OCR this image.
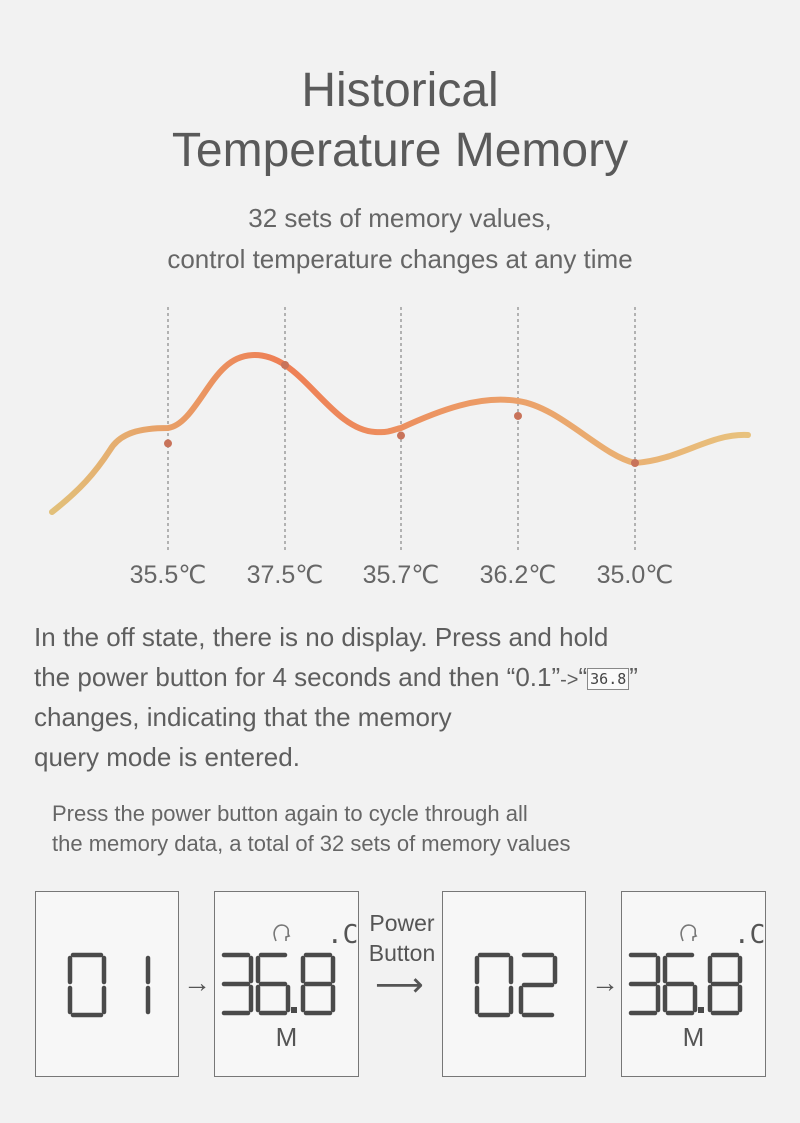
Historical
Temperature Memory
32 sets of memory values,
control temperature changes at any time
35.5℃ 37.5℃ 35.7℃ 36.2℃ 35.0℃
In the off state, there is no display. Press and hold
the power button for 4 seconds and then “0.1”->“ 36.8 ”
changes, indicating that the memory
query mode is entered.
Press the power button again to cycle through all
the memory data, a total of 32 sets of memory values
→
.C
M
Power
Button
⟶	→
.C
M
